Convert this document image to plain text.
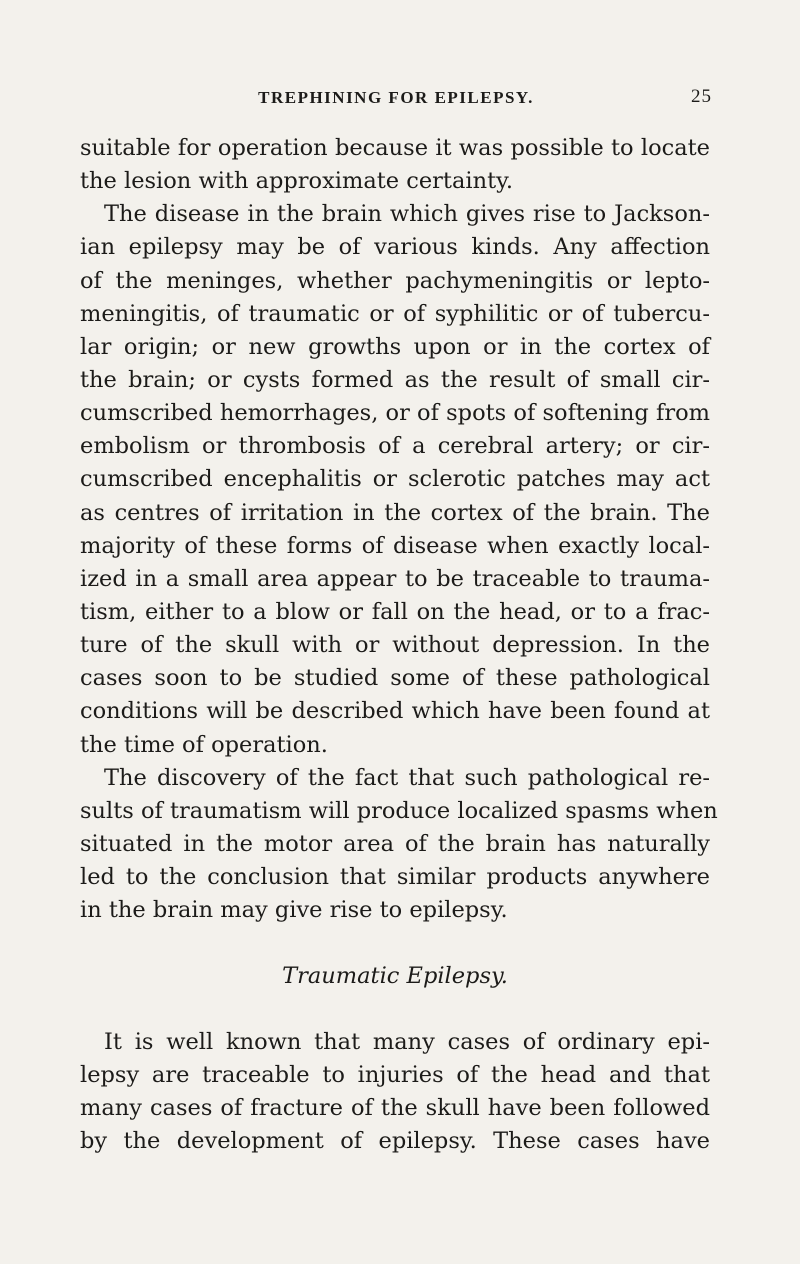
TREPHINING FOR EPILEPSY.	25
suitable for operation because it was possible to locate
the lesion with approximate certainty.
The disease in the brain which gives rise to Jackson-
ian epilepsy may be of various kinds. Any affection
of the meninges, whether pachymeningitis or lepto-
meningitis, of traumatic or of syphilitic or of tubercu-
lar origin; or new growths upon or in the cortex of
the brain; or cysts formed as the result of small cir-
cumscribed hemorrhages, or of spots of softening from
embolism or thrombosis of a cerebral artery; or cir-
cumscribed encephalitis or sclerotic patches may act
as centres of irritation in the cortex of the brain. The
majority of these forms of disease when exactly local-
ized in a small area appear to be traceable to trauma-
tism, either to a blow or fall on the head, or to a frac-
ture of the skull with or without depression. In the
cases soon to be studied some of these pathological
conditions will be described which have been found at
the time of operation.
The discovery of the fact that such pathological re-
sults of traumatism will produce localized spasms when
situated in the motor area of the brain has naturally
led to the conclusion that similar products anywhere
in the brain may give rise to epilepsy.
Traumatic Epilepsy.
It is well known that many cases of ordinary epi-
lepsy are traceable to injuries of the head and that
many cases of fracture of the skull have been followed
by the development of epilepsy. These cases have
